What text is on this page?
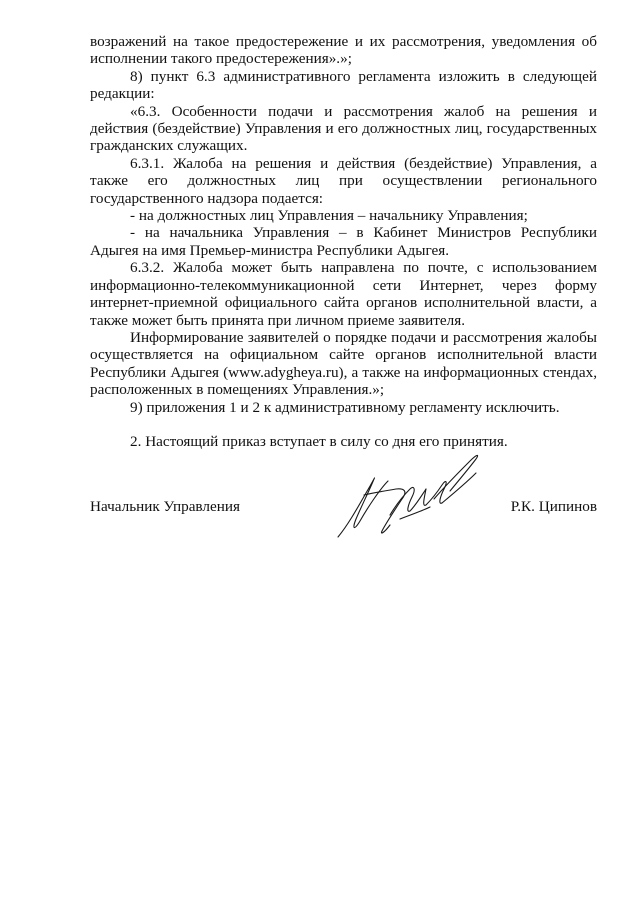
возражений на такое предостережение и их рассмотрения, уведомления об исполнении такого предостережения».»;

8) пункт 6.3 административного регламента изложить в следующей редакции:

«6.3. Особенности подачи и рассмотрения жалоб на решения и действия (бездействие) Управления и его должностных лиц, государственных гражданских служащих.

6.3.1. Жалоба на решения и действия (бездействие) Управления, а также его должностных лиц при осуществлении регионального государственного надзора подается:

- на должностных лиц Управления – начальнику Управления;

- на начальника Управления – в Кабинет Министров Республики Адыгея на имя Премьер-министра Республики Адыгея.

6.3.2. Жалоба может быть направлена по почте, с использованием информационно-телекоммуникационной сети Интернет, через форму интернет-приемной официального сайта органов исполнительной власти, а также может быть принята при личном приеме заявителя.

Информирование заявителей о порядке подачи и рассмотрения жалобы осуществляется на официальном сайте органов исполнительной власти Республики Адыгея (www.adygheya.ru), а также на информационных стендах, расположенных в помещениях Управления.»;

9) приложения 1 и 2 к административному регламенту исключить.

2. Настоящий приказ вступает в силу со дня его принятия.

Начальник Управления	Р.К. Ципинов
